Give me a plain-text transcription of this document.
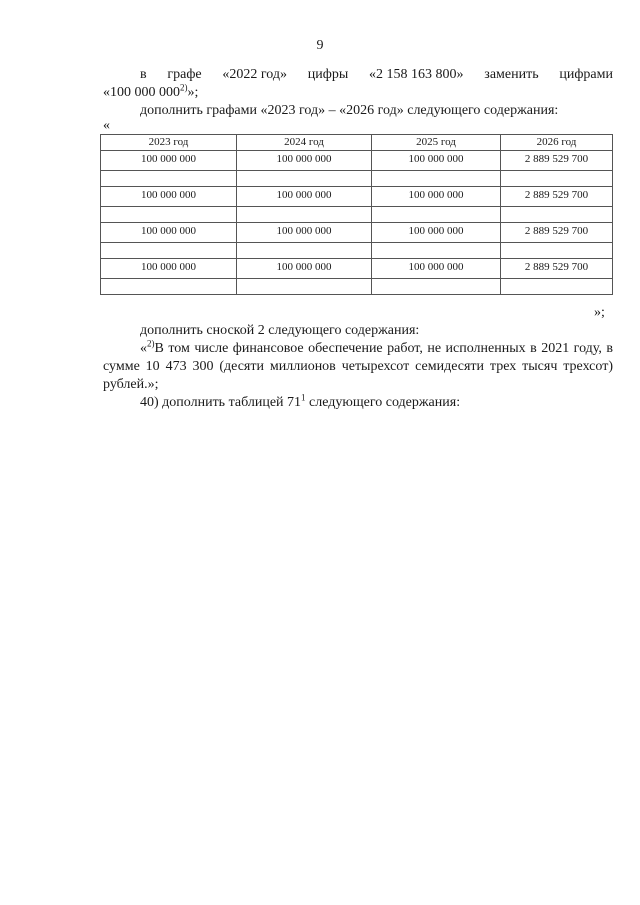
9
в графе «2022 год» цифры «2 158 163 800» заменить цифрами
«100 000 000$^{2)}$»;
дополнить графами «2023 год» – «2026 год» следующего содержания:
«
2023 год	2024 год	2025 год	2026 год
100 000 000	100 000 000	100 000 000	2 889 529 700

100 000 000	100 000 000	100 000 000	2 889 529 700

100 000 000	100 000 000	100 000 000	2 889 529 700

100 000 000	100 000 000	100 000 000	2 889 529 700

»;
дополнить сноской 2 следующего содержания:
«$^{2)}$В том числе финансовое обеспечение работ, не исполненных в 2021 году, в сумме 10 473 300 (десяти миллионов четырехсот семидесяти трех тысяч трехсот) рублей.»;
40) дополнить таблицей $71^1$ следующего содержания:
